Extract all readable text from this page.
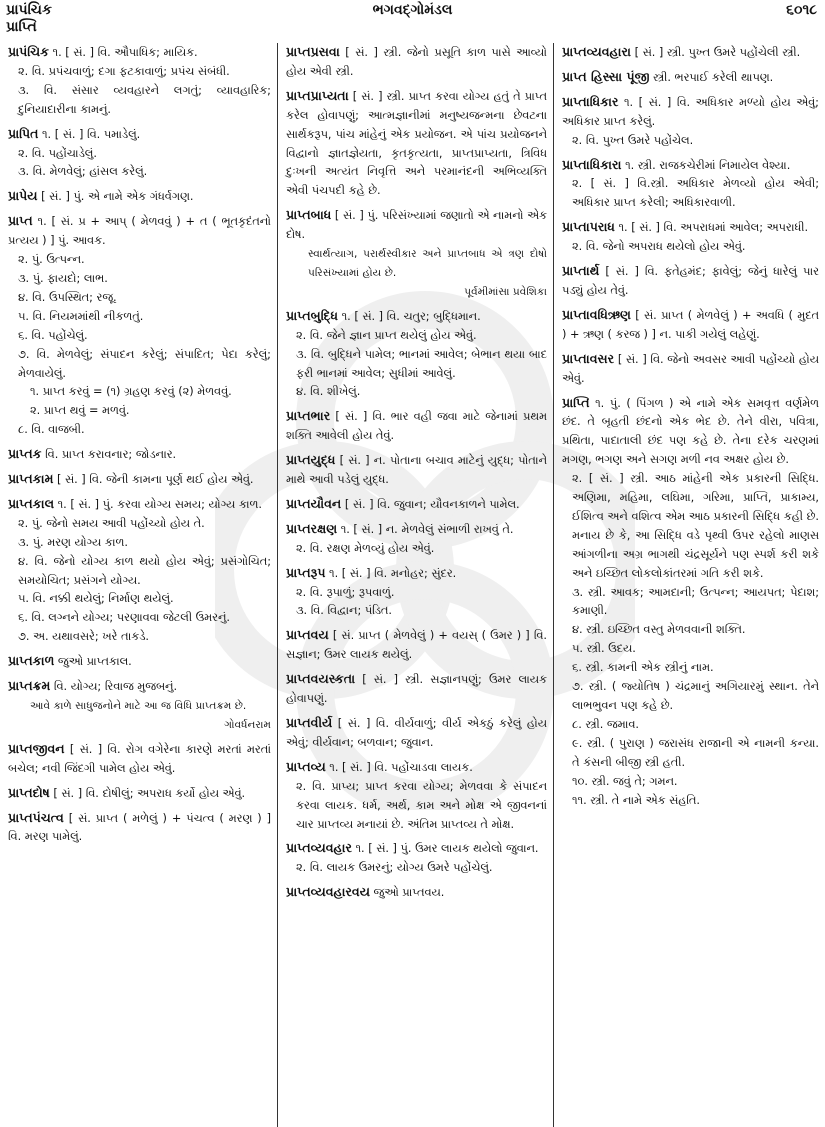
પ્રાપંચિક
પ્રાપ્તિ
ભગવદ્ગોમંડલ	૬૦૧૮
પ્રાપંચિક ૧. [ સં. ] વિ. ઔપાધિક; માયિક.
૨. વિ. પ્રપંચવાળું; દગા ફટકાવાળું; પ્રપંચ સંબંધી.
૩. વિ. સંસાર વ્યવહારને લગતું; વ્યાવહારિક; દુનિયાદારીના કામનું.
પ્રાપિત ૧. [ સં. ] વિ. પમાડેલું.
૨. વિ. પહોંચાડેલું.
૩. વિ. મેળવેલું; હાંસલ કરેલું.
પ્રાપેય [ સં. ] પું. એ નામે એક ગંધર્વગણ.
પ્રાપ્ત ૧. [ સં. પ્ર + આપ્ ( મેળવવું ) + ત ( ભૂતકૃદંતનો પ્રત્યય ) ] પું. આવક.
૨. પું. ઉત્પન્ન.
૩. પું. ફાયદો; લાભ.
૪. વિ. ઉપસ્થિત; રજૂ.
૫. વિ. નિયમમાંથી નીકળતું.
૬. વિ. પહોંચેલું.
૭. વિ. મેળવેલું; સંપાદન કરેલું; સંપાદિત; પેદા કરેલું; મેળવાયેલું.
૧. પ્રાપ્ત કરવું = (૧) ગ્રહણ કરવું (૨) મેળવવું.
૨. પ્રાપ્ત થવું = મળવું.
૮. વિ. વાજબી.
પ્રાપ્તક વિ. પ્રાપ્ત કરાવનાર; જોડનાર.
પ્રાપ્તકામ [ સં. ] વિ. જેની કામના પૂર્ણ થઈ હોય એવું.
પ્રાપ્તકાલ ૧. [ સં. ] પું. કરવા યોગ્ય સમય; યોગ્ય કાળ.
૨. પું. જેનો સમય આવી પહોંચ્યો હોય તે.
૩. પું. મરણ યોગ્ય કાળ.
૪. વિ. જેનો યોગ્ય કાળ થયો હોય એવું; પ્રસંગોચિત; સમયોચિત; પ્રસંગને યોગ્ય.
૫. વિ. નક્કી થયેલું; નિર્માણ થયેલું.
૬. વિ. લગ્નને યોગ્ય; પરણાવવા જેટલી ઉમરનું.
૭. અ. યથાવસરે; ખરે તાકડે.
પ્રાપ્તકાળ જુઓ પ્રાપ્તકાલ.
પ્રાપ્તક્રમ વિ. યોગ્ય; રિવાજ મુજબનું.
આવે કાળે સાધુજનોને માટે આ જ વિધિ પ્રાપ્તક્રમ છે.
ગોવર્ધનરામ
પ્રાપ્તજીવન [ સં. ] વિ. રોગ વગેરેના કારણે મરતાં મરતાં બચેલ; નવી જિંદગી પામેલ હોય એવું.
પ્રાપ્તદોષ [ સં. ] વિ. દોષીલું; અપરાધ કર્યો હોય એવું.
પ્રાપ્તપંચત્વ [ સં. પ્રાપ્ત ( મળેલું ) + પંચત્વ ( મરણ ) ] વિ. મરણ પામેલું.
પ્રાપ્તપ્રસવા [ સં. ] સ્ત્રી. જેનો પ્રસૂતિ કાળ પાસે આવ્યો હોય એવી સ્ત્રી.
પ્રાપ્તપ્રાપ્યતા [ સં. ] સ્ત્રી. પ્રાપ્ત કરવા યોગ્ય હતું તે પ્રાપ્ત કરેલ હોવાપણું; આત્મજ્ઞાનીમાં મનુષ્યજન્મના છેવટના સાર્થકરૂપ, પાંચ માંહેનું એક પ્રયોજન. એ પાંચ પ્રયોજનને વિદ્વાનો જ્ઞાતજ્ઞેયતા, કૃતકૃત્યતા, પ્રાપ્તપ્રાપ્યતા, ત્રિવિધ દુઃખની અત્યંત નિવૃત્તિ અને પરમાનંદની અભિવ્યક્તિ એવી પંચપદી કહે છે.
પ્રાપ્તબાધ [ સં. ] પું. પરિસંખ્યામાં જણાતો એ નામનો એક દોષ.
સ્વાર્થત્યાગ, પરાર્થસ્વીકાર અને પ્રાપ્તબાધ એ ત્રણ દોષો પરિસંખ્યામાં હોય છે.
પૂર્વમીમાંસા પ્રવેશિકા
પ્રાપ્તબુદ્ધિ ૧. [ સં. ] વિ. ચતુર; બુદ્ધિમાન.
૨. વિ. જેને જ્ઞાન પ્રાપ્ત થયેલું હોય એવું.
૩. વિ. બુદ્ધિને પામેલ; ભાનમાં આવેલ; બેભાન થયા બાદ ફરી ભાનમાં આવેલ; સુધીમાં આવેલું.
૪. વિ. શીખેલું.
પ્રાપ્તભાર [ સં. ] વિ. ભાર વહી જવા માટે જેનામાં પ્રથમ શક્તિ આવેલી હોય તેવું.
પ્રાપ્તયુદ્ધ [ સં. ] ન. પોતાના બચાવ માટેનું યુદ્ધ; પોતાને માથે આવી પડેલું યુદ્ધ.
પ્રાપ્તયૌવન [ સં. ] વિ. જુવાન; યૌવનકાળને પામેલ.
પ્રાપ્તરક્ષણ ૧. [ સં. ] ન. મેળવેલું સંભાળી રાખવું તે.
૨. વિ. રક્ષણ મેળવ્યું હોય એવું.
પ્રાપ્તરૂપ ૧. [ સં. ] વિ. મનોહર; સુંદર.
૨. વિ. રૂપાળું; રૂપવાળું.
૩. વિ. વિદ્વાન; પંડિત.
પ્રાપ્તવય [ સં. પ્રાપ્ત ( મેળવેલું ) + વયસ્ ( ઉમર ) ] વિ. સજ્ઞાન; ઉમર લાયક થયેલું.
પ્રાપ્તવયસ્કતા [ સં. ] સ્ત્રી. સજ્ઞાનપણું; ઉમર લાયક હોવાપણું.
પ્રાપ્તવીર્ય [ સં. ] વિ. વીર્યવાળું; વીર્ય એકઠું કરેલું હોય એવું; વીર્યવાન; બળવાન; જુવાન.
પ્રાપ્તવ્ય ૧. [ સં. ] વિ. પહોંચાડવા લાયક.
૨. વિ. પ્રાપ્ય; પ્રાપ્ત કરવા યોગ્ય; મેળવવા કે સંપાદન કરવા લાયક. ધર્મ, અર્થ, કામ અને મોક્ષ એ જીવનનાં ચાર પ્રાપ્તવ્ય મનાયાં છે. અંતિમ પ્રાપ્તવ્ય તે મોક્ષ.
પ્રાપ્તવ્યવહાર ૧. [ સં. ] પું. ઉમર લાયક થયેલો જુવાન.
૨. વિ. લાયક ઉમરનું; યોગ્ય ઉમરે પહોંચેલું.
પ્રાપ્તવ્યવહારવય જુઓ પ્રાપ્તવય.
પ્રાપ્તવ્યવહારા [ સં. ] સ્ત્રી. પુખ્ત ઉમરે પહોંચેલી સ્ત્રી.
પ્રાપ્ત હિસ્સા પૂંજી સ્ત્રી. ભરપાઈ કરેલી થાપણ.
પ્રાપ્તાધિકાર ૧. [ સં. ] વિ. અધિકાર મળ્યો હોય એવું; અધિકાર પ્રાપ્ત કરેલું.
૨. વિ. પુખ્ત ઉમરે પહોંચેલ.
પ્રાપ્તાધિકારા ૧. સ્ત્રી. રાજકચેરીમાં નિમાયેલ વેશ્યા.
૨. [ સં. ] વિ.સ્ત્રી. અધિકાર મેળવ્યો હોય એવી; અધિકાર પ્રાપ્ત કરેલી; અધિકારવાળી.
પ્રાપ્તાપરાધ ૧. [ સં. ] વિ. અપરાધમાં આવેલ; અપરાધી.
૨. વિ. જેનો અપરાધ થયેલો હોય એવું.
પ્રાપ્તાર્થ [ સં. ] વિ. ફતેહમંદ; ફાવેલું; જેનું ધારેલું પાર પડ્યું હોય તેવું.
પ્રાપ્તાવધિઋણ [ સં. પ્રાપ્ત ( મેળવેલું ) + અવધિ ( મુદત ) + ઋણ ( કરજ ) ] ન. પાકી ગયેલું લહેણું.
પ્રાપ્તાવસર [ સં. ] વિ. જેનો અવસર આવી પહોંચ્યો હોય એવું.
પ્રાપ્તિ ૧. પું. ( પિંગળ ) એ નામે એક સમવૃત્ત વર્ણમેળ છંદ. તે બૃહતી છંદનો એક ભેદ છે. તેને વીરા, પવિત્રા, પ્રથિતા, પાદાતાલી છંદ પણ કહે છે. તેના દરેક ચરણમાં મગણ, ભગણ અને સગણ મળી નવ અક્ષર હોય છે.
૨. [ સં. ] સ્ત્રી. આઠ માંહેની એક પ્રકારની સિદ્ધિ. અણિમા, મહિમા, લઘિમા, ગરિમા, પ્રાપ્તિ, પ્રાકામ્ય, ઈશિત્વ અને વશિત્વ એમ આઠ પ્રકારની સિદ્ધિ કહી છે. મનાય છે કે, આ સિદ્ધિ વડે પૃથ્વી ઉપર રહેલો માણસ આંગળીના અગ્ર ભાગથી ચંદ્રસૂર્યને પણ સ્પર્શ કરી શકે અને ઇચ્છિત લોકલોકાંતરમાં ગતિ કરી શકે.
૩. સ્ત્રી. આવક; આમદાની; ઉત્પન્ન; આયપત; પેદાશ; કમાણી.
૪. સ્ત્રી. ઇચ્છિત વસ્તુ મેળવવાની શક્તિ.
૫. સ્ત્રી. ઉદય.
૬. સ્ત્રી. કામની એક સ્ત્રીનું નામ.
૭. સ્ત્રી. ( જ્યોતિષ ) ચંદ્રમાનું અગિયારમું સ્થાન. તેને લાભભુવન પણ કહે છે.
૮. સ્ત્રી. જમાવ.
૯. સ્ત્રી. ( પુરાણ ) જરાસંધ રાજાની એ નામની કન્યા. તે કંસની બીજી સ્ત્રી હતી.
૧૦. સ્ત્રી. જવું તે; ગમન.
૧૧. સ્ત્રી. તે નામે એક સંહતિ.
